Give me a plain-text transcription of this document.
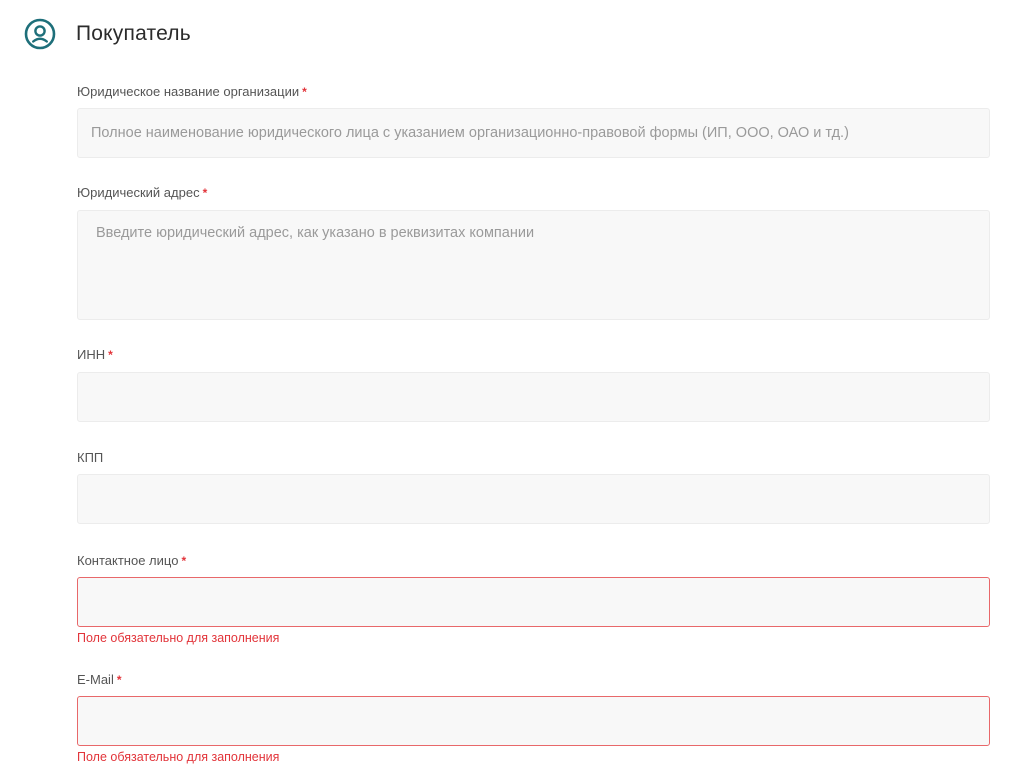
Покупатель
Юридическое название организации *
Полное наименование юридического лица с указанием организационно-правовой формы (ИП, ООО, ОАО и тд.)
Юридический адрес *
Введите юридический адрес, как указано в реквизитах компании
ИНН *
КПП
Контактное лицо *
Поле обязательно для заполнения
E-Mail *
Поле обязательно для заполнения
